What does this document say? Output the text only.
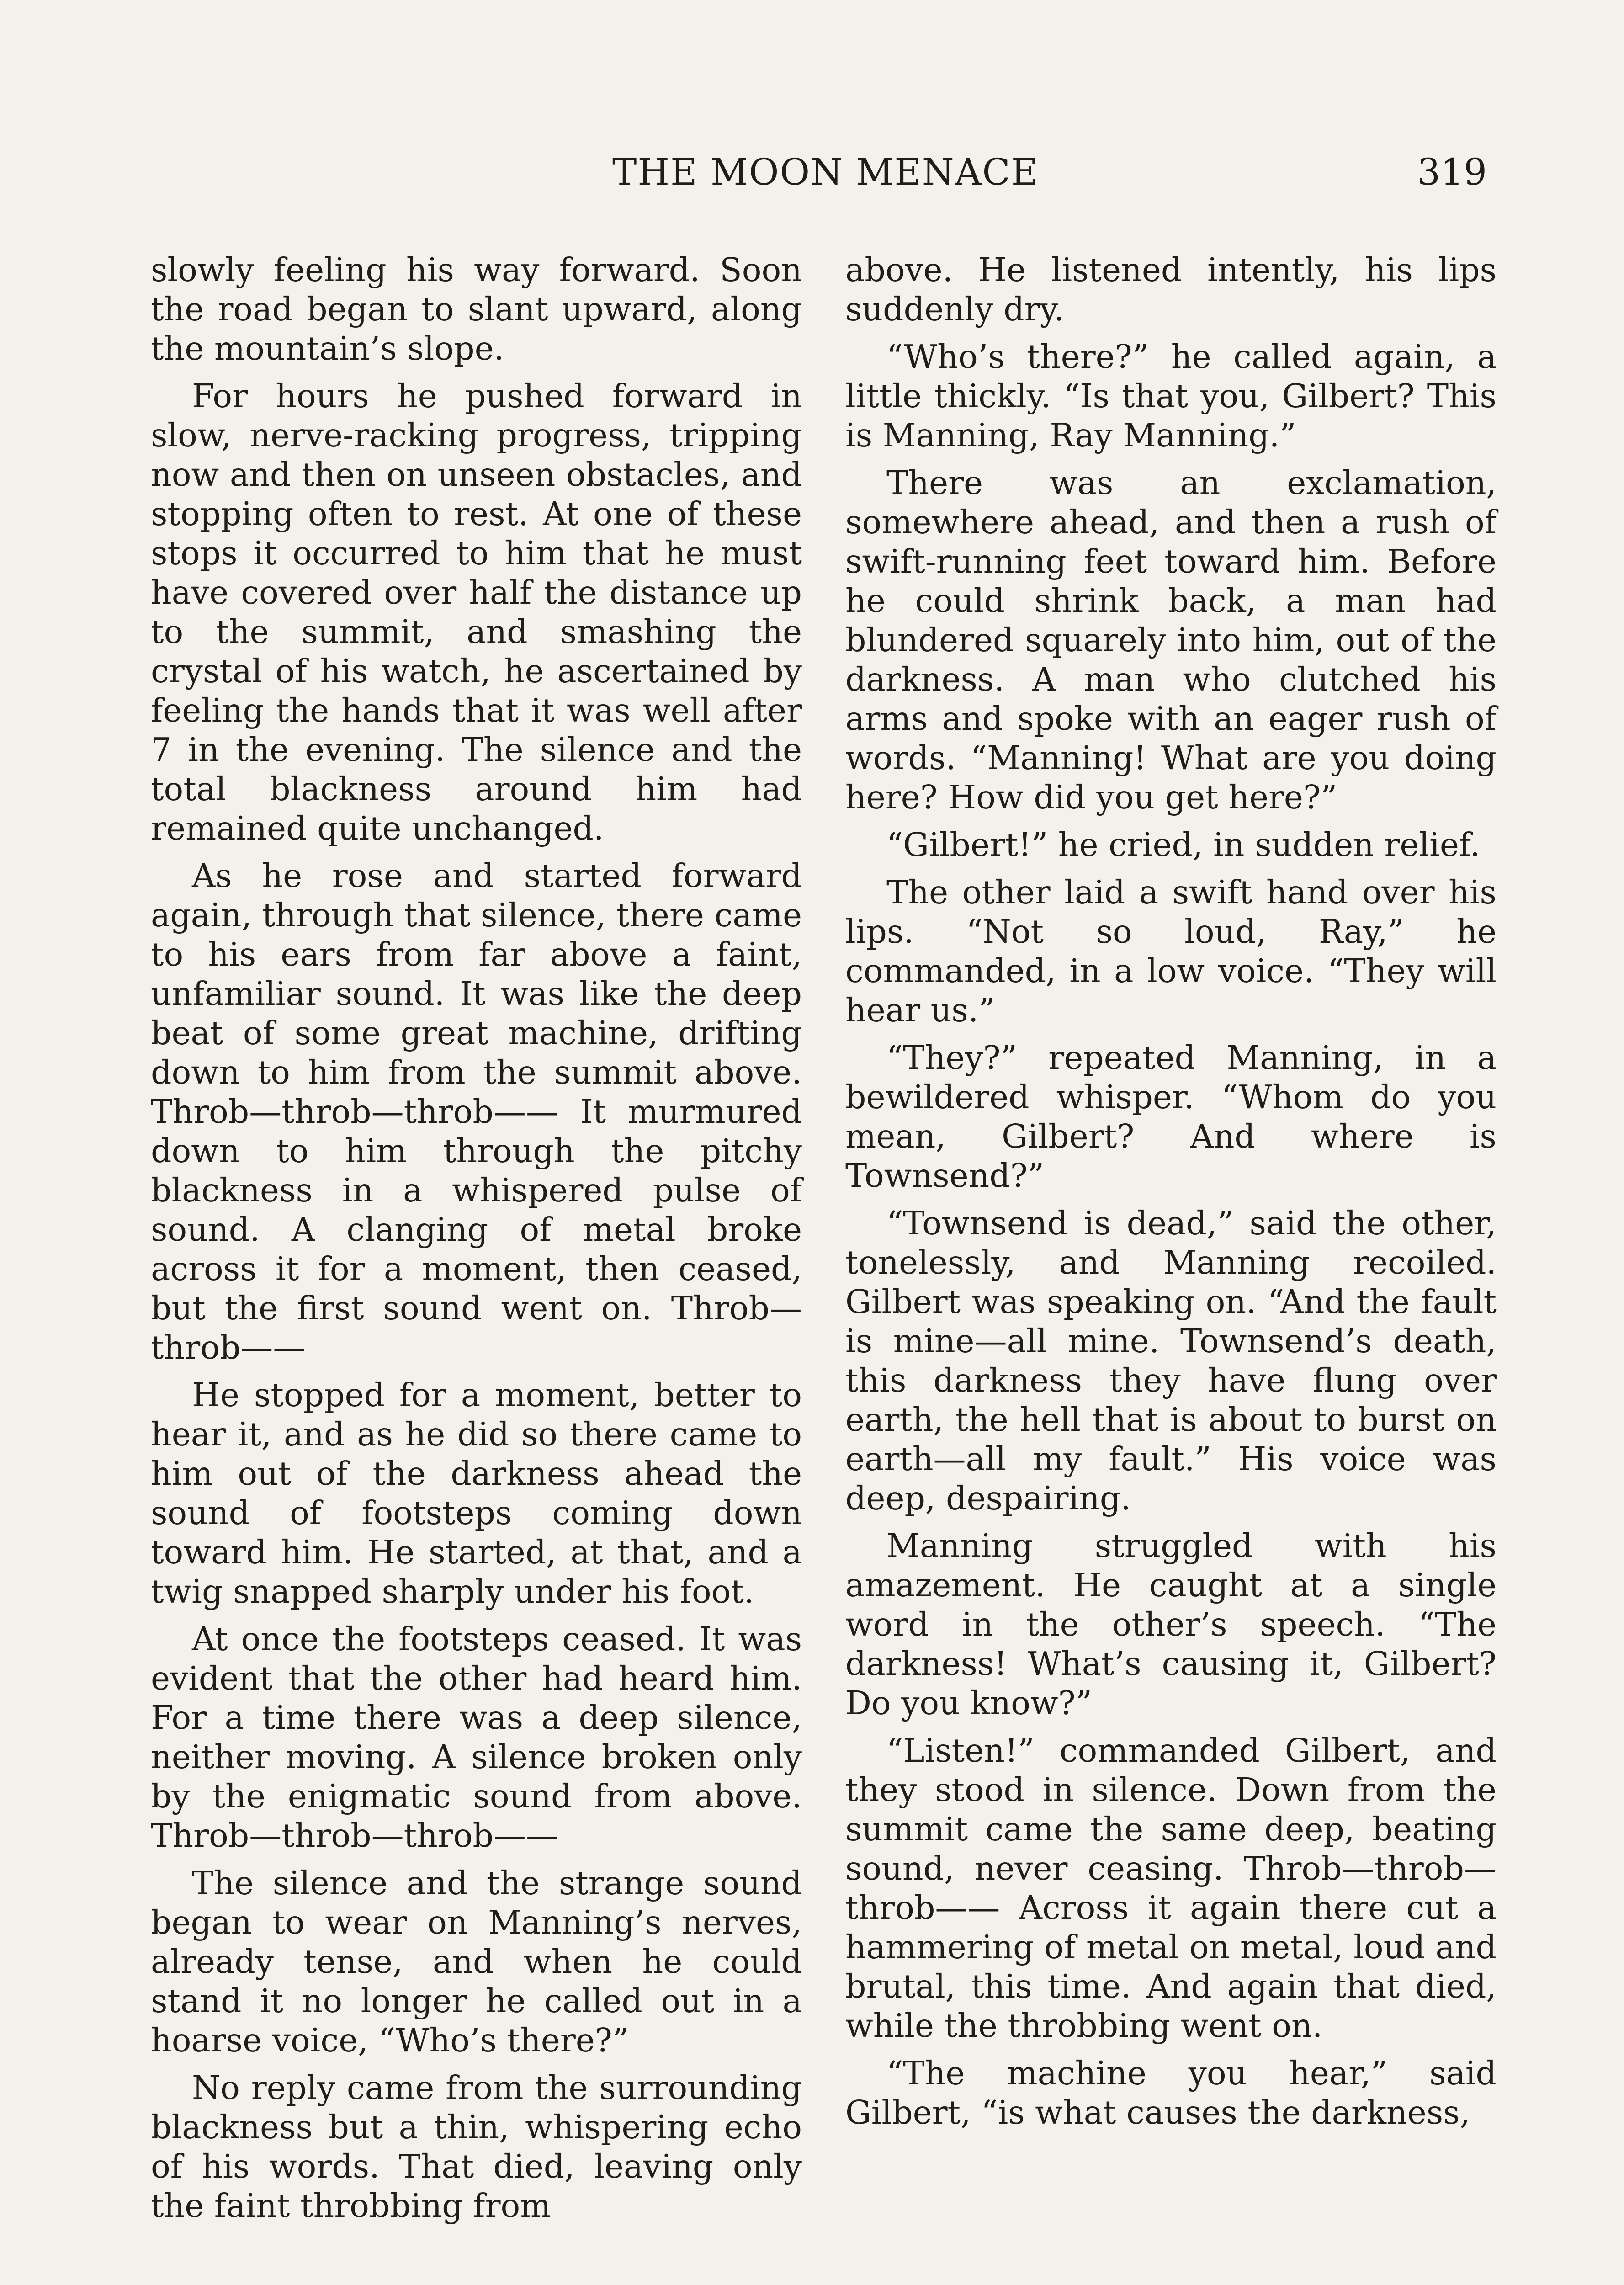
THE MOON MENACE	319

slowly feeling his way forward. Soon the road began to slant upward, along the mountain’s slope.

For hours he pushed forward in slow, nerve-racking progress, tripping now and then on unseen obstacles, and stopping often to rest. At one of these stops it occurred to him that he must have covered over half the distance up to the summit, and smashing the crystal of his watch, he ascertained by feeling the hands that it was well after 7 in the evening. The silence and the total blackness around him had remained quite unchanged.

As he rose and started forward again, through that silence, there came to his ears from far above a faint, unfamiliar sound. It was like the deep beat of some great machine, drifting down to him from the summit above. Throb—throb—throb—— It murmured down to him through the pitchy blackness in a whispered pulse of sound. A clanging of metal broke across it for a moment, then ceased, but the first sound went on. Throb—throb——

He stopped for a moment, better to hear it, and as he did so there came to him out of the darkness ahead the sound of footsteps coming down toward him. He started, at that, and a twig snapped sharply under his foot.

At once the footsteps ceased. It was evident that the other had heard him. For a time there was a deep silence, neither moving. A silence broken only by the enigmatic sound from above. Throb—throb—throb——

The silence and the strange sound began to wear on Manning’s nerves, already tense, and when he could stand it no longer he called out in a hoarse voice, “Who’s there?”

No reply came from the surrounding blackness but a thin, whispering echo of his words. That died, leaving only the faint throbbing from

above. He listened intently, his lips suddenly dry.

“Who’s there?” he called again, a little thickly. “Is that you, Gilbert? This is Manning, Ray Manning.”

There was an exclamation, somewhere ahead, and then a rush of swift-running feet toward him. Before he could shrink back, a man had blundered squarely into him, out of the darkness. A man who clutched his arms and spoke with an eager rush of words. “Manning! What are you doing here? How did you get here?”

“Gilbert!” he cried, in sudden relief.

The other laid a swift hand over his lips. “Not so loud, Ray,” he commanded, in a low voice. “They will hear us.”

“They?” repeated Manning, in a bewildered whisper. “Whom do you mean, Gilbert? And where is Townsend?”

“Townsend is dead,” said the other, tonelessly, and Manning recoiled. Gilbert was speaking on. “And the fault is mine—all mine. Townsend’s death, this darkness they have flung over earth, the hell that is about to burst on earth—all my fault.” His voice was deep, despairing.

Manning struggled with his amazement. He caught at a single word in the other’s speech. “The darkness! What’s causing it, Gilbert? Do you know?”

“Listen!” commanded Gilbert, and they stood in silence. Down from the summit came the same deep, beating sound, never ceasing. Throb—throb—throb—— Across it again there cut a hammering of metal on metal, loud and brutal, this time. And again that died, while the throbbing went on.

“The machine you hear,” said Gilbert, “is what causes the darkness,
